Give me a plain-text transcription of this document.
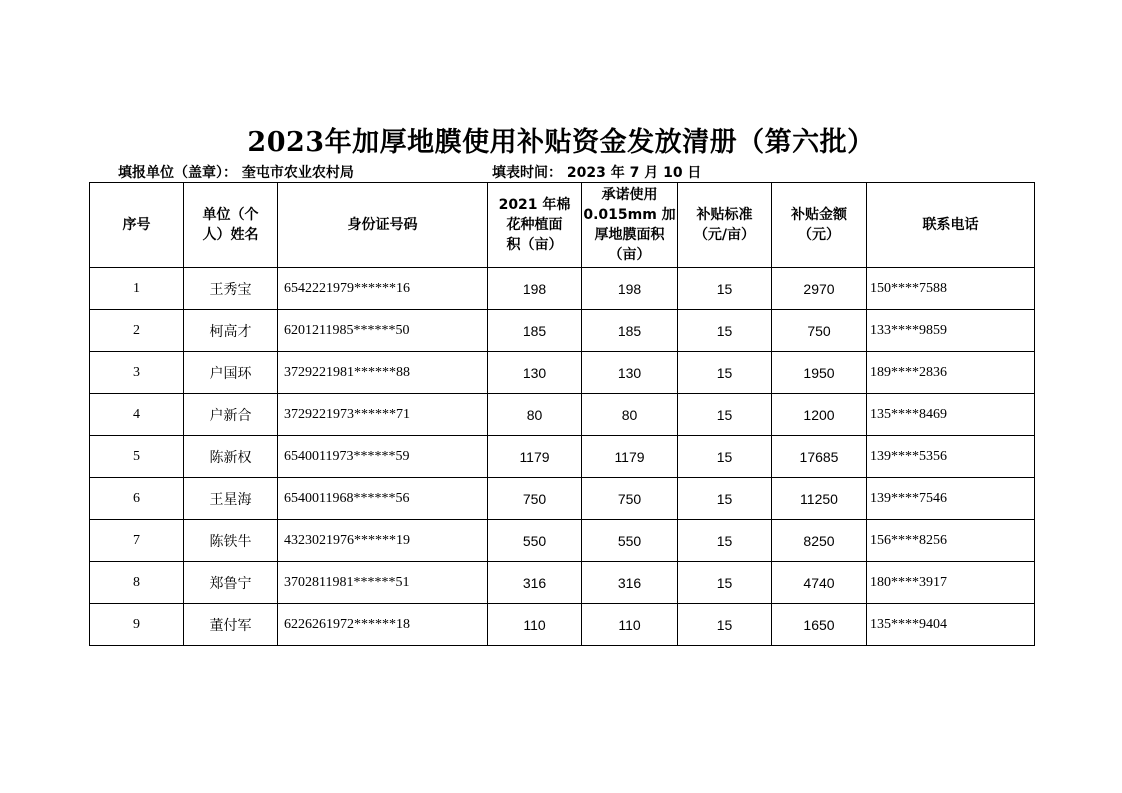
2023年加厚地膜使用补贴资金发放清册（第六批）
填报单位（盖章）： 奎屯市农业农村局	填表时间： 2023 年 7 月 10 日
序号	单位（个
人）姓名	身份证号码	2021 年棉
花种植面
积（亩）	承诺使用
0.015mm 加
厚地膜面积
（亩）	补贴标准
（元/亩）	补贴金额
（元）	联系电话
1	王秀宝	6542221979******16	198	198	15	2970	150****7588
2	柯高才	6201211985******50	185	185	15	750	133****9859
3	户国环	3729221981******88	130	130	15	1950	189****2836
4	户新合	3729221973******71	80	80	15	1200	135****8469
5	陈新权	6540011973******59	1179	1179	15	17685	139****5356
6	王星海	6540011968******56	750	750	15	11250	139****7546
7	陈铁牛	4323021976******19	550	550	15	8250	156****8256
8	郑鲁宁	3702811981******51	316	316	15	4740	180****3917
9	董付军	6226261972******18	110	110	15	1650	135****9404
